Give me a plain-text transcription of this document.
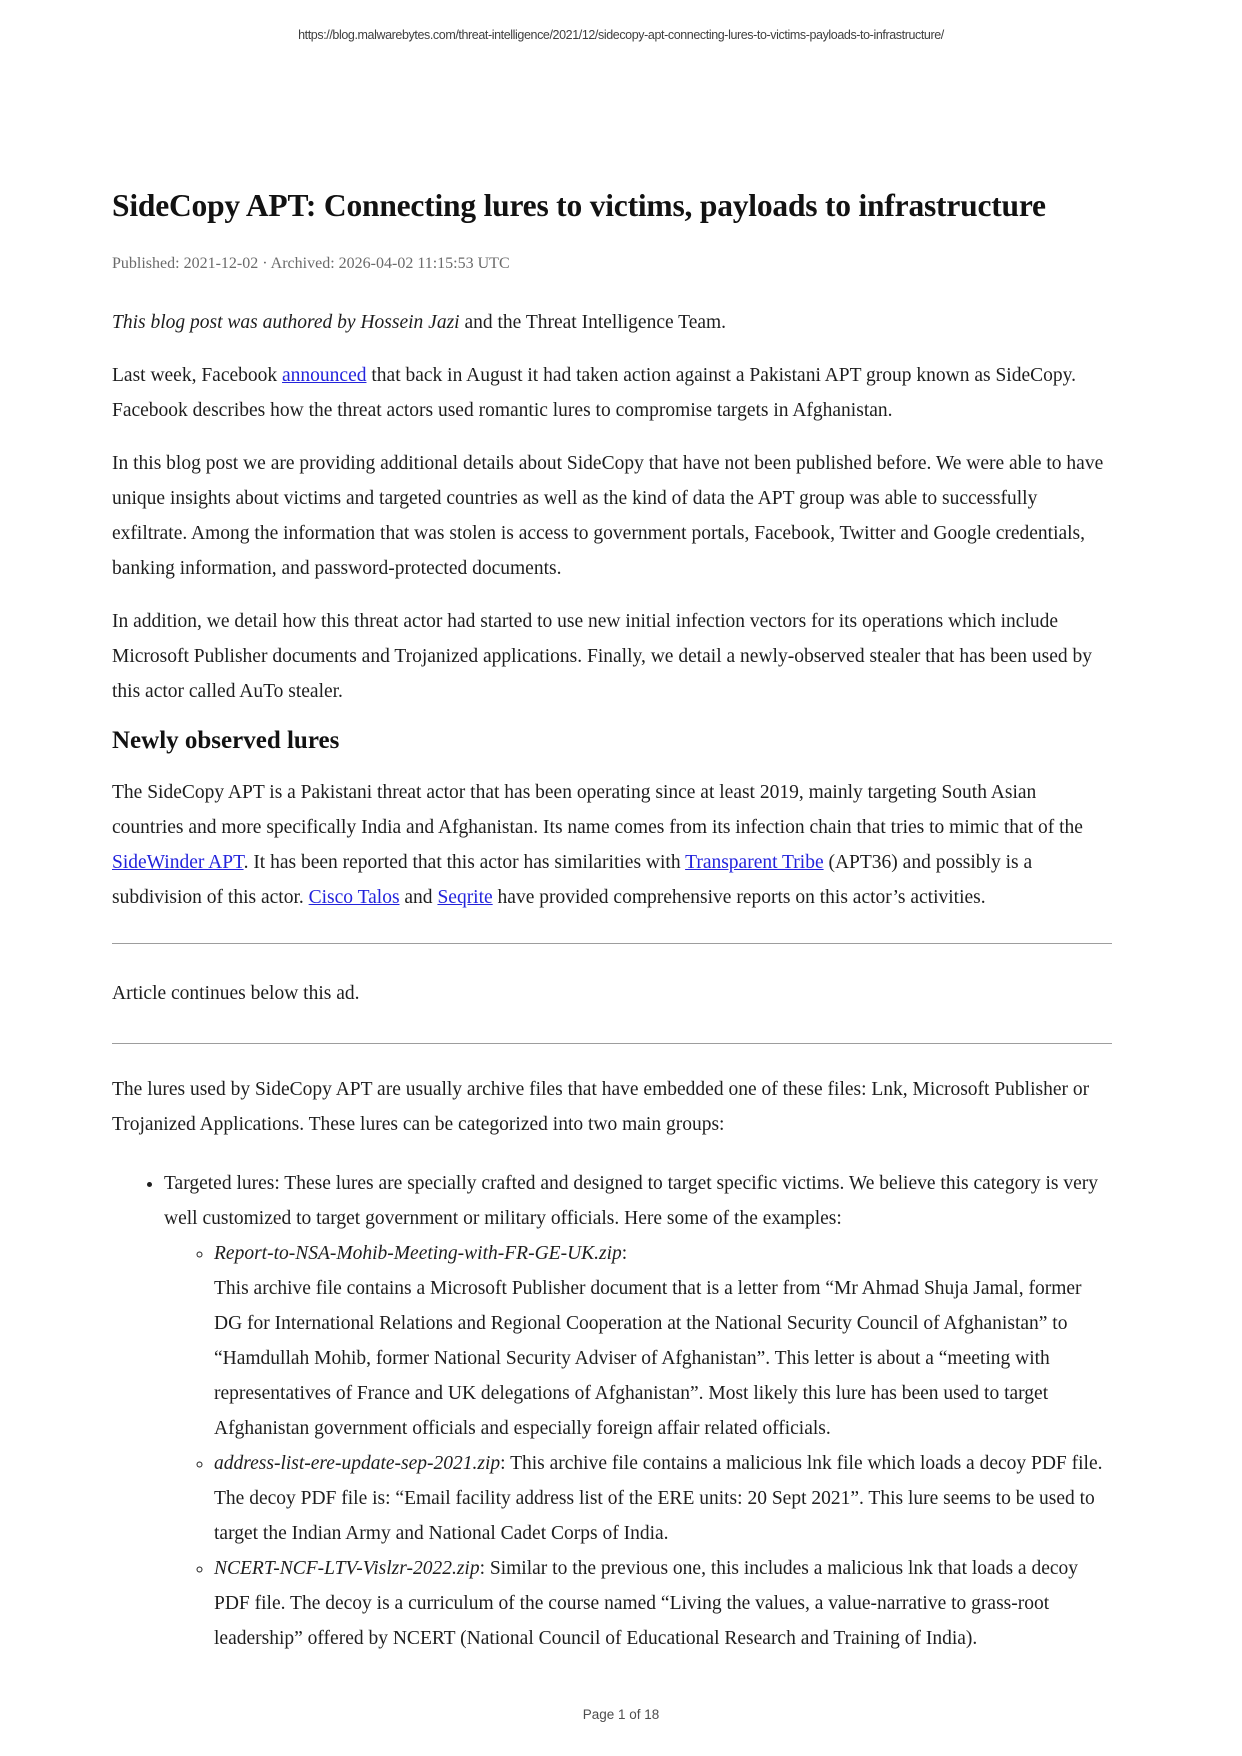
https://blog.malwarebytes.com/threat-intelligence/2021/12/sidecopy-apt-connecting-lures-to-victims-payloads-to-infrastructure/
SideCopy APT: Connecting lures to victims, payloads to infrastructure
Published: 2021-12-02 · Archived: 2026-04-02 11:15:53 UTC

This blog post was authored by Hossein Jazi and the Threat Intelligence Team.

Last week, Facebook announced that back in August it had taken action against a Pakistani APT group known as SideCopy. Facebook describes how the threat actors used romantic lures to compromise targets in Afghanistan.

In this blog post we are providing additional details about SideCopy that have not been published before. We were able to have unique insights about victims and targeted countries as well as the kind of data the APT group was able to successfully exfiltrate. Among the information that was stolen is access to government portals, Facebook, Twitter and Google credentials, banking information, and password-protected documents.

In addition, we detail how this threat actor had started to use new initial infection vectors for its operations which include Microsoft Publisher documents and Trojanized applications. Finally, we detail a newly-observed stealer that has been used by this actor called AuTo stealer.

Newly observed lures

The SideCopy APT is a Pakistani threat actor that has been operating since at least 2019, mainly targeting South Asian countries and more specifically India and Afghanistan. Its name comes from its infection chain that tries to mimic that of the SideWinder APT. It has been reported that this actor has similarities with Transparent Tribe (APT36) and possibly is a subdivision of this actor. Cisco Talos and Seqrite have provided comprehensive reports on this actor’s activities.

Article continues below this ad.

The lures used by SideCopy APT are usually archive files that have embedded one of these files: Lnk, Microsoft Publisher or Trojanized Applications. These lures can be categorized into two main groups:

• Targeted lures: These lures are specially crafted and designed to target specific victims. We believe this category is very well customized to target government or military officials. Here some of the examples:
◦ Report-to-NSA-Mohib-Meeting-with-FR-GE-UK.zip:
This archive file contains a Microsoft Publisher document that is a letter from “Mr Ahmad Shuja Jamal, former DG for International Relations and Regional Cooperation at the National Security Council of Afghanistan” to “Hamdullah Mohib, former National Security Adviser of Afghanistan”. This letter is about a “meeting with representatives of France and UK delegations of Afghanistan”. Most likely this lure has been used to target Afghanistan government officials and especially foreign affair related officials.
◦ address-list-ere-update-sep-2021.zip: This archive file contains a malicious lnk file which loads a decoy PDF file. The decoy PDF file is: “Email facility address list of the ERE units: 20 Sept 2021”. This lure seems to be used to target the Indian Army and National Cadet Corps of India.
◦ NCERT-NCF-LTV-Vislzr-2022.zip: Similar to the previous one, this includes a malicious lnk that loads a decoy PDF file. The decoy is a curriculum of the course named “Living the values, a value-narrative to grass-root leadership” offered by NCERT (National Council of Educational Research and Training of India).
Page 1 of 18
